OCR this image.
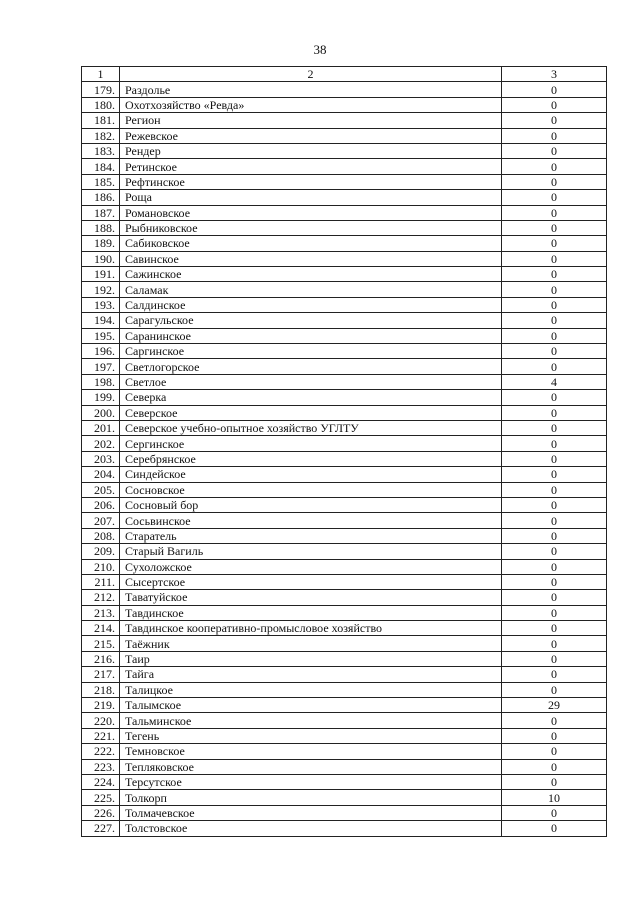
38
1	2	3
179.	Раздолье	0
180.	Охотхозяйство «Ревда»	0
181.	Регион	0
182.	Режевское	0
183.	Рендер	0
184.	Ретинское	0
185.	Рефтинское	0
186.	Роща	0
187.	Романовское	0
188.	Рыбниковское	0
189.	Сабиковское	0
190.	Савинское	0
191.	Сажинское	0
192.	Саламак	0
193.	Салдинское	0
194.	Сарагульское	0
195.	Саранинское	0
196.	Саргинское	0
197.	Светлогорское	0
198.	Светлое	4
199.	Северка	0
200.	Северское	0
201.	Северское учебно-опытное хозяйство УГЛТУ	0
202.	Сергинское	0
203.	Серебрянское	0
204.	Синдейское	0
205.	Сосновское	0
206.	Сосновый бор	0
207.	Сосьвинское	0
208.	Старатель	0
209.	Старый Вагиль	0
210.	Сухоложское	0
211.	Сысертское	0
212.	Таватуйское	0
213.	Тавдинское	0
214.	Тавдинское кооперативно-промысловое хозяйство	0
215.	Таёжник	0
216.	Таир	0
217.	Тайга	0
218.	Талицкое	0
219.	Талымское	29
220.	Тальминское	0
221.	Тегень	0
222.	Темновское	0
223.	Тепляковское	0
224.	Терсутское	0
225.	Толкорп	10
226.	Толмачевское	0
227.	Толстовское	0
